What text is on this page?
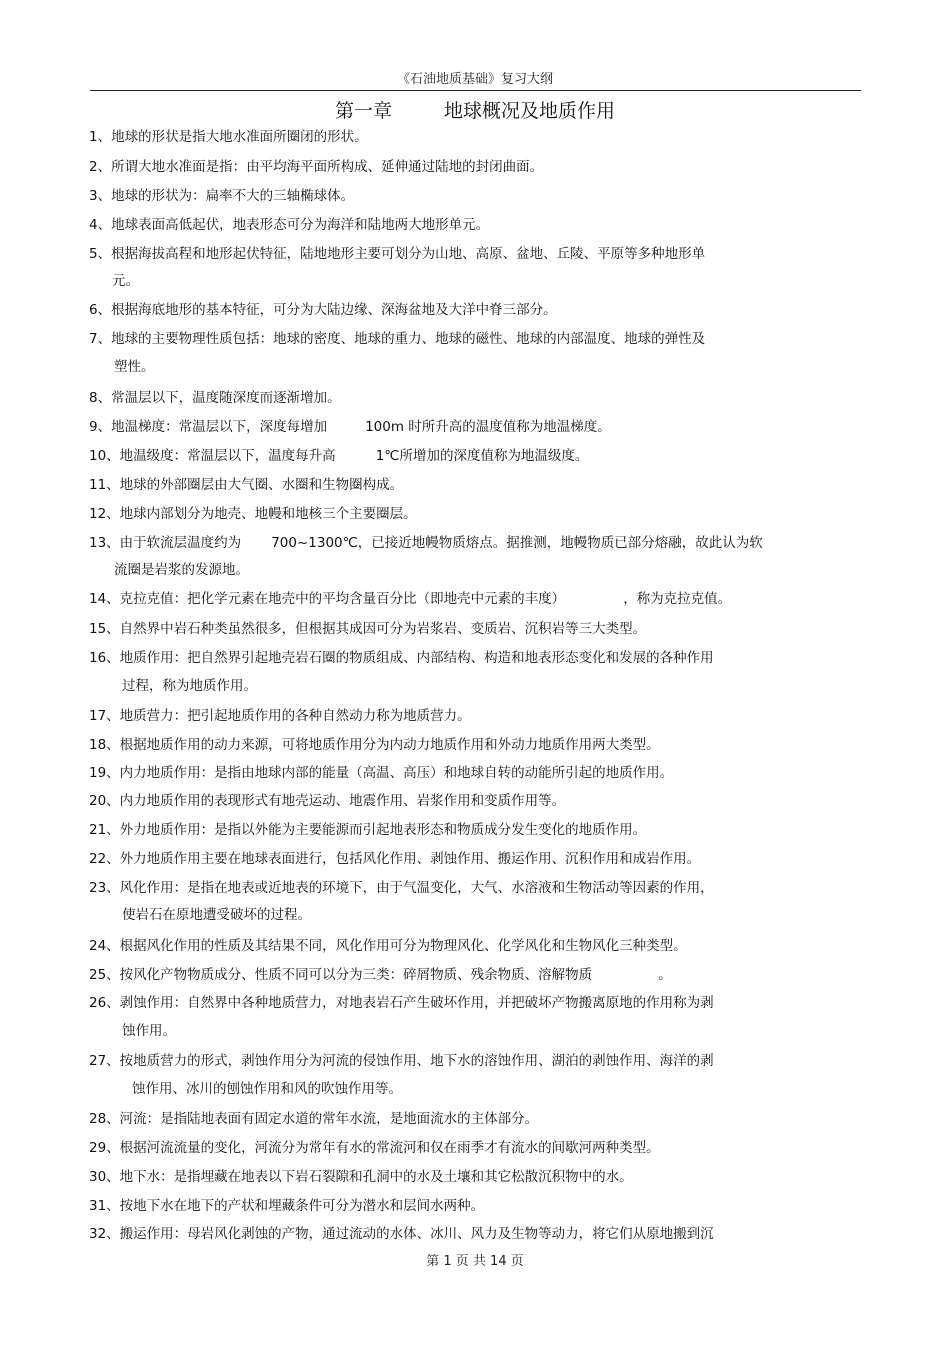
《石油地质基础》复习大纲
第一章	地球概况及地质作用
1、地球的形状是指大地水准面所圈闭的形状。
2、所谓大地水准面是指：由平均海平面所构成、延伸通过陆地的封闭曲面。
3、地球的形状为：扁率不大的三轴椭球体。
4、地球表面高低起伏，地表形态可分为海洋和陆地两大地形单元。
5、根据海拔高程和地形起伏特征，陆地地形主要可划分为山地、高原、盆地、丘陵、平原等多种地形单
元。
6、根据海底地形的基本特征，可分为大陆边缘、深海盆地及大洋中脊三部分。
7、地球的主要物理性质包括：地球的密度、地球的重力、地球的磁性、地球的内部温度、地球的弹性及
塑性。
8、常温层以下，温度随深度而逐渐增加。
9、地温梯度：常温层以下，深度每增加	100m 时所升高的温度值称为地温梯度。
10、地温级度：常温层以下，温度每升高	1℃所增加的深度值称为地温级度。
11、地球的外部圈层由大气圈、水圈和生物圈构成。
12、地球内部划分为地壳、地幔和地核三个主要圈层。
13、由于软流层温度约为 700~1300℃，已接近地幔物质熔点。据推测，地幔物质已部分熔融，故此认为软
流圈是岩浆的发源地。
14、克拉克值：把化学元素在地壳中的平均含量百分比（即地壳中元素的丰度）	，称为克拉克值。
15、自然界中岩石种类虽然很多，但根据其成因可分为岩浆岩、变质岩、沉积岩等三大类型。
16、地质作用：把自然界引起地壳岩石圈的物质组成、内部结构、构造和地表形态变化和发展的各种作用
过程，称为地质作用。
17、地质营力：把引起地质作用的各种自然动力称为地质营力。
18、根据地质作用的动力来源，可将地质作用分为内动力地质作用和外动力地质作用两大类型。
19、内力地质作用：是指由地球内部的能量（高温、高压）和地球自转的动能所引起的地质作用。
20、内力地质作用的表现形式有地壳运动、地震作用、岩浆作用和变质作用等。
21、外力地质作用：是指以外能为主要能源而引起地表形态和物质成分发生变化的地质作用。
22、外力地质作用主要在地球表面进行，包括风化作用、剥蚀作用、搬运作用、沉积作用和成岩作用。
23、风化作用：是指在地表或近地表的环境下，由于气温变化，大气、水溶液和生物活动等因素的作用，
使岩石在原地遭受破坏的过程。
24、根据风化作用的性质及其结果不同，风化作用可分为物理风化、化学风化和生物风化三种类型。
25、按风化产物物质成分、性质不同可以分为三类：碎屑物质、残余物质、溶解物质	。
26、剥蚀作用：自然界中各种地质营力，对地表岩石产生破坏作用，并把破坏产物搬离原地的作用称为剥
蚀作用。
27、按地质营力的形式，剥蚀作用分为河流的侵蚀作用、地下水的溶蚀作用、湖泊的剥蚀作用、海洋的剥
蚀作用、冰川的刨蚀作用和风的吹蚀作用等。
28、河流：是指陆地表面有固定水道的常年水流，是地面流水的主体部分。
29、根据河流流量的变化，河流分为常年有水的常流河和仅在雨季才有流水的间歇河两种类型。
30、地下水：是指埋藏在地表以下岩石裂隙和孔洞中的水及土壤和其它松散沉积物中的水。
31、按地下水在地下的产状和埋藏条件可分为潜水和层间水两种。
32、搬运作用：母岩风化剥蚀的产物，通过流动的水体、冰川、风力及生物等动力，将它们从原地搬到沉
第 1 页 共 14 页
